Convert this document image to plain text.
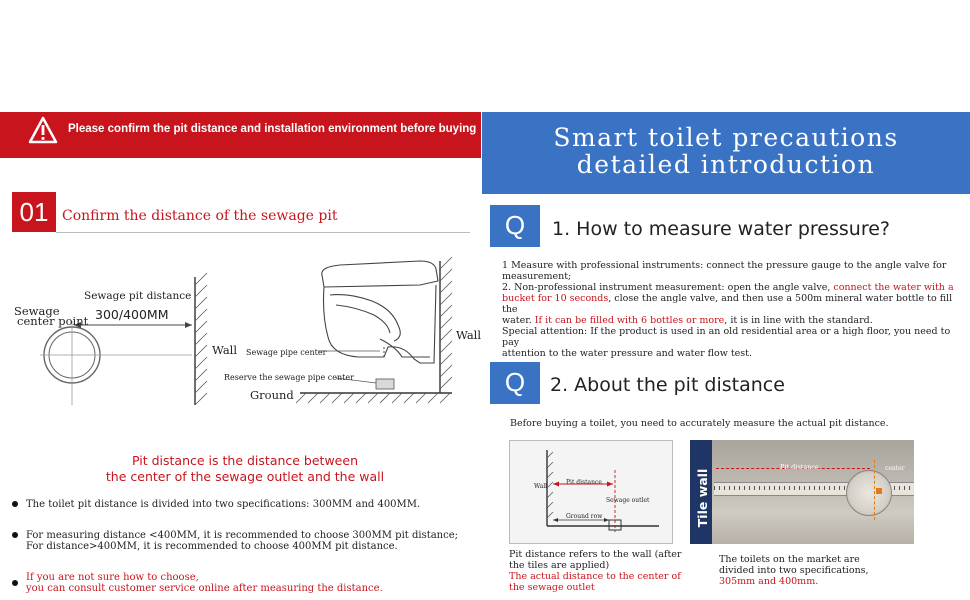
Please confirm the pit distance and installation environment before buying	Smart toilet precautions
detailed introduction
01 Confirm the distance of the sewage pit
Sewage
center point
Sewage pit distance
300/400MM
Wall
Wall
Sewage pipe center
Reserve the sewage pipe center
Ground
Pit distance is the distance between
the center of the sewage outlet and the wall
The toilet pit distance is divided into two specifications: 300MM and 400MM.
For measuring distance <400MM, it is recommended to choose 300MM pit distance;
For distance>400MM, it is recommended to choose 400MM pit distance.
If you are not sure how to choose,
you can consult customer service online after measuring the distance.
Q	1. How to measure water pressure?
1 Measure with professional instruments: connect the pressure gauge to the angle valve for
measurement;
2. Non-professional instrument measurement: open the angle valve, connect the water with a
bucket for 10 seconds, close the angle valve, and then use a 500m mineral water bottle to fill the
water. If it can be filled with 6 bottles or more, it is in line with the standard.
Special attention: If the product is used in an old residential area or a high floor, you need to pay
attention to the water pressure and water flow test.
Q	2. About the pit distance
Before buying a toilet, you need to accurately measure the actual pit distance.
Wall
Pit distance
Sewage outlet
Ground row	Tile wall
Pit distance	center
Pit distance refers to the wall (after
the tiles are applied)
The actual distance to the center of
the sewage outlet
The toilets on the market are
divided into two specifications,
305mm and 400mm.
